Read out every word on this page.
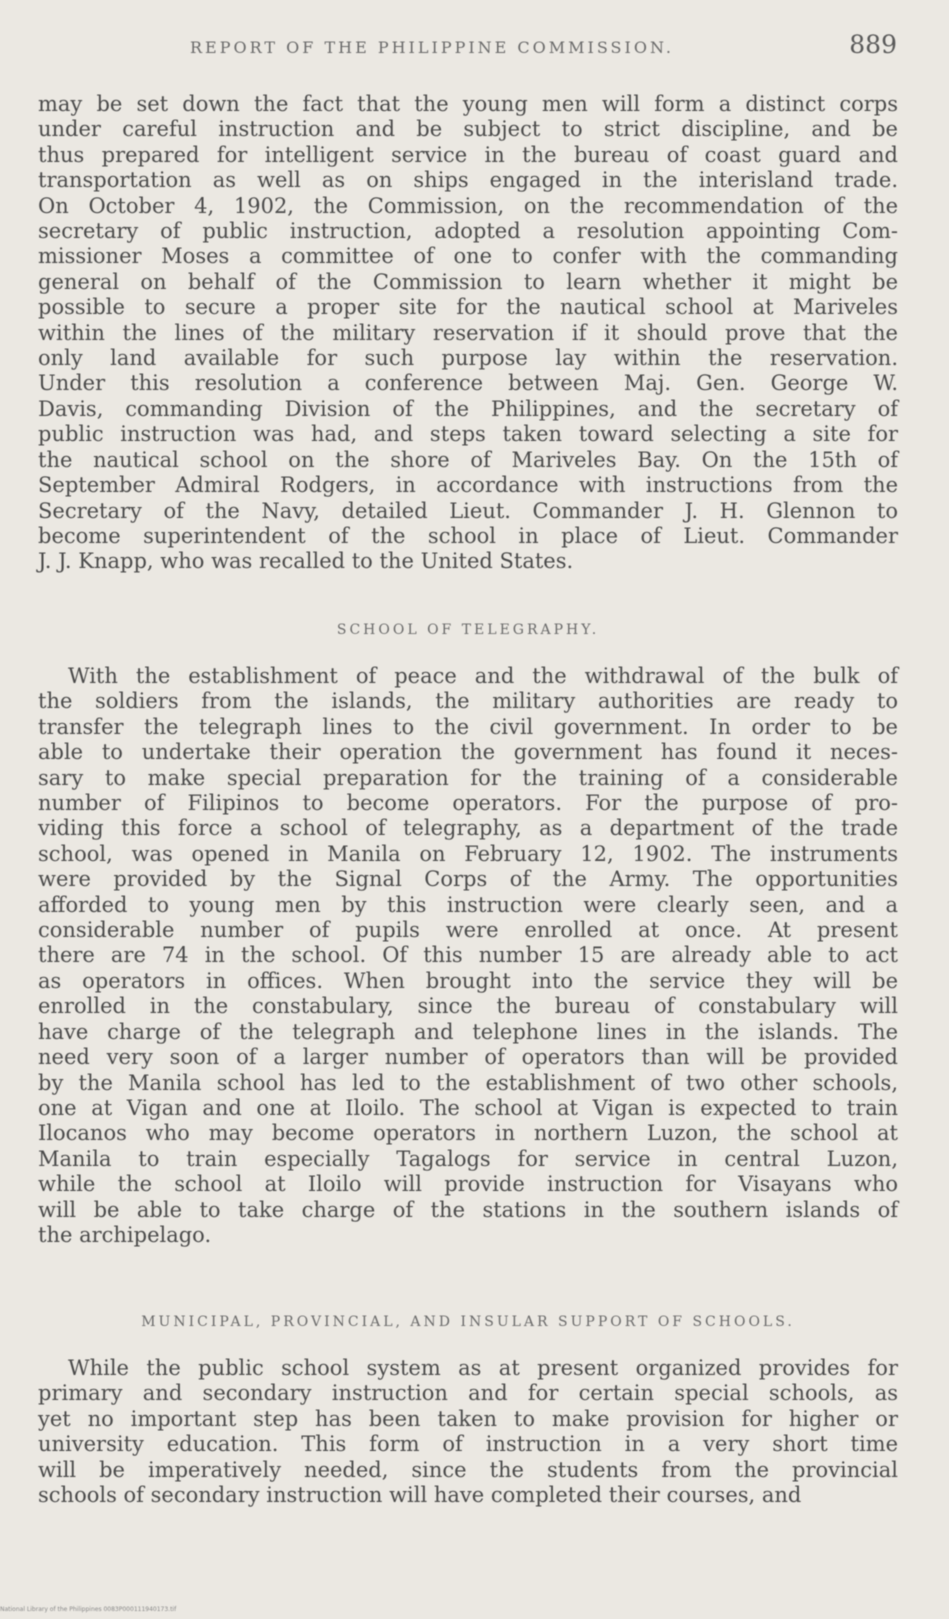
REPORT OF THE PHILIPPINE COMMISSION.	889

may be set down the fact that the young men will form a distinct corps
under careful instruction and be subject to strict discipline, and be
thus prepared for intelligent service in the bureau of coast guard and
transportation as well as on ships engaged in the interisland trade.
On October 4, 1902, the Commission, on the recommendation of the
secretary of public instruction, adopted a resolution appointing Com-
missioner Moses a committee of one to confer with the commanding
general on behalf of the Commission to learn whether it might be
possible to secure a proper site for the nautical school at Mariveles
within the lines of the military reservation if it should prove that the
only land available for such purpose lay within the reservation.
Under this resolution a conference between Maj. Gen. George W.
Davis, commanding Division of the Philippines, and the secretary of
public instruction was had, and steps taken toward selecting a site for
the nautical school on the shore of Mariveles Bay. On the 15th of
September Admiral Rodgers, in accordance with instructions from the
Secretary of the Navy, detailed Lieut. Commander J. H. Glennon to
become superintendent of the school in place of Lieut. Commander
J. J. Knapp, who was recalled to the United States.

SCHOOL OF TELEGRAPHY.

With the establishment of peace and the withdrawal of the bulk of
the soldiers from the islands, the military authorities are ready to
transfer the telegraph lines to the civil government. In order to be
able to undertake their operation the government has found it neces-
sary to make special preparation for the training of a considerable
number of Filipinos to become operators. For the purpose of pro-
viding this force a school of telegraphy, as a department of the trade
school, was opened in Manila on February 12, 1902. The instruments
were provided by the Signal Corps of the Army. The opportunities
afforded to young men by this instruction were clearly seen, and a
considerable number of pupils were enrolled at once. At present
there are 74 in the school. Of this number 15 are already able to act
as operators in offices. When brought into the service they will be
enrolled in the constabulary, since the bureau of constabulary will
have charge of the telegraph and telephone lines in the islands. The
need very soon of a larger number of operators than will be provided
by the Manila school has led to the establishment of two other schools,
one at Vigan and one at Iloilo. The school at Vigan is expected to train
Ilocanos who may become operators in northern Luzon, the school at
Manila to train especially Tagalogs for service in central Luzon,
while the school at Iloilo will provide instruction for Visayans who
will be able to take charge of the stations in the southern islands of
the archipelago.

MUNICIPAL, PROVINCIAL, AND INSULAR SUPPORT OF SCHOOLS.

While the public school system as at present organized provides for
primary and secondary instruction and for certain special schools, as
yet no important step has been taken to make provision for higher or
university education. This form of instruction in a very short time
will be imperatively needed, since the students from the provincial
schools of secondary instruction will have completed their courses, and

National Library of the Philippines 0083P000111940173.tif
